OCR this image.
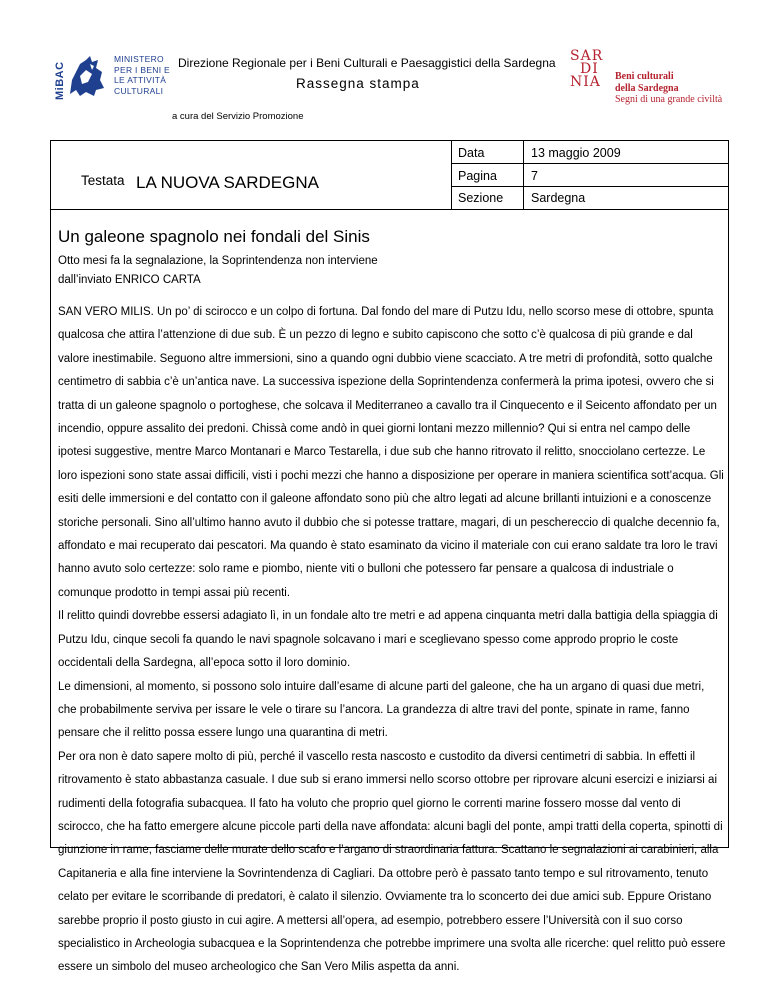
MiBAC
MINISTERO
PER I BENI E
LE ATTIVITÀ
CULTURALI
Direzione Regionale per i Beni Culturali e Paesaggistici della Sardegna
Rassegna stampa
a cura del Servizio Promozione
SAR
DI
NIA	Beni culturali
della Sardegna
Segni di una grande civiltà
Testata LA NUOVA SARDEGNA
Data	13 maggio 2009
Pagina	7
Sezione Sardegna
Un galeone spagnolo nei fondali del Sinis
Otto mesi fa la segnalazione, la Soprintendenza non interviene
dall’inviato ENRICO CARTA

SAN VERO MILIS. Un po’ di scirocco e un colpo di fortuna. Dal fondo del mare di Putzu Idu, nello scorso mese di ottobre, spunta qualcosa che attira l’attenzione di due sub. È un pezzo di legno e subito capiscono che sotto c’è qualcosa di più grande e dal valore inestimabile. Seguono altre immersioni, sino a quando ogni dubbio viene scacciato. A tre metri di profondità, sotto qualche centimetro di sabbia c’è un’antica nave. La successiva ispezione della Soprintendenza confermerà la prima ipotesi, ovvero che si tratta di un galeone spagnolo o portoghese, che solcava il Mediterraneo a cavallo tra il Cinquecento e il Seicento affondato per un incendio, oppure assalito dei predoni. Chissà come andò in quei giorni lontani mezzo millennio? Qui si entra nel campo delle ipotesi suggestive, mentre Marco Montanari e Marco Testarella, i due sub che hanno ritrovato il relitto, snocciolano certezze. Le loro ispezioni sono state assai difficili, visti i pochi mezzi che hanno a disposizione per operare in maniera scientifica sott’acqua. Gli esiti delle immersioni e del contatto con il galeone affondato sono più che altro legati ad alcune brillanti intuizioni e a conoscenze storiche personali. Sino all’ultimo hanno avuto il dubbio che si potesse trattare, magari, di un peschereccio di qualche decennio fa, affondato e mai recuperato dai pescatori. Ma quando è stato esaminato da vicino il materiale con cui erano saldate tra loro le travi hanno avuto solo certezze: solo rame e piombo, niente viti o bulloni che potessero far pensare a qualcosa di industriale o comunque prodotto in tempi assai più recenti.

Il relitto quindi dovrebbe essersi adagiato lì, in un fondale alto tre metri e ad appena cinquanta metri dalla battigia della spiaggia di Putzu Idu, cinque secoli fa quando le navi spagnole solcavano i mari e sceglievano spesso come approdo proprio le coste occidentali della Sardegna, all’epoca sotto il loro dominio.

Le dimensioni, al momento, si possono solo intuire dall’esame di alcune parti del galeone, che ha un argano di quasi due metri, che probabilmente serviva per issare le vele o tirare su l’ancora. La grandezza di altre travi del ponte, spinate in rame, fanno pensare che il relitto possa essere lungo una quarantina di metri.

Per ora non è dato sapere molto di più, perché il vascello resta nascosto e custodito da diversi centimetri di sabbia. In effetti il ritrovamento è stato abbastanza casuale. I due sub si erano immersi nello scorso ottobre per riprovare alcuni esercizi e iniziarsi ai rudimenti della fotografia subacquea. Il fato ha voluto che proprio quel giorno le correnti marine fossero mosse dal vento di scirocco, che ha fatto emergere alcune piccole parti della nave affondata: alcuni bagli del ponte, ampi tratti della coperta, spinotti di giunzione in rame, fasciame delle murate dello scafo e l’argano di straordinaria fattura. Scattano le segnalazioni ai carabinieri, alla Capitaneria e alla fine interviene la Sovrintendenza di Cagliari. Da ottobre però è passato tanto tempo e sul ritrovamento, tenuto celato per evitare le scorribande di predatori, è calato il silenzio. Ovviamente tra lo sconcerto dei due amici sub. Eppure Oristano sarebbe proprio il posto giusto in cui agire. A mettersi all’opera, ad esempio, potrebbero essere l’Università con il suo corso specialistico in Archeologia subacquea e la Soprintendenza che potrebbe imprimere una svolta alle ricerche: quel relitto può essere essere un simbolo del museo archeologico che San Vero Milis aspetta da anni.
